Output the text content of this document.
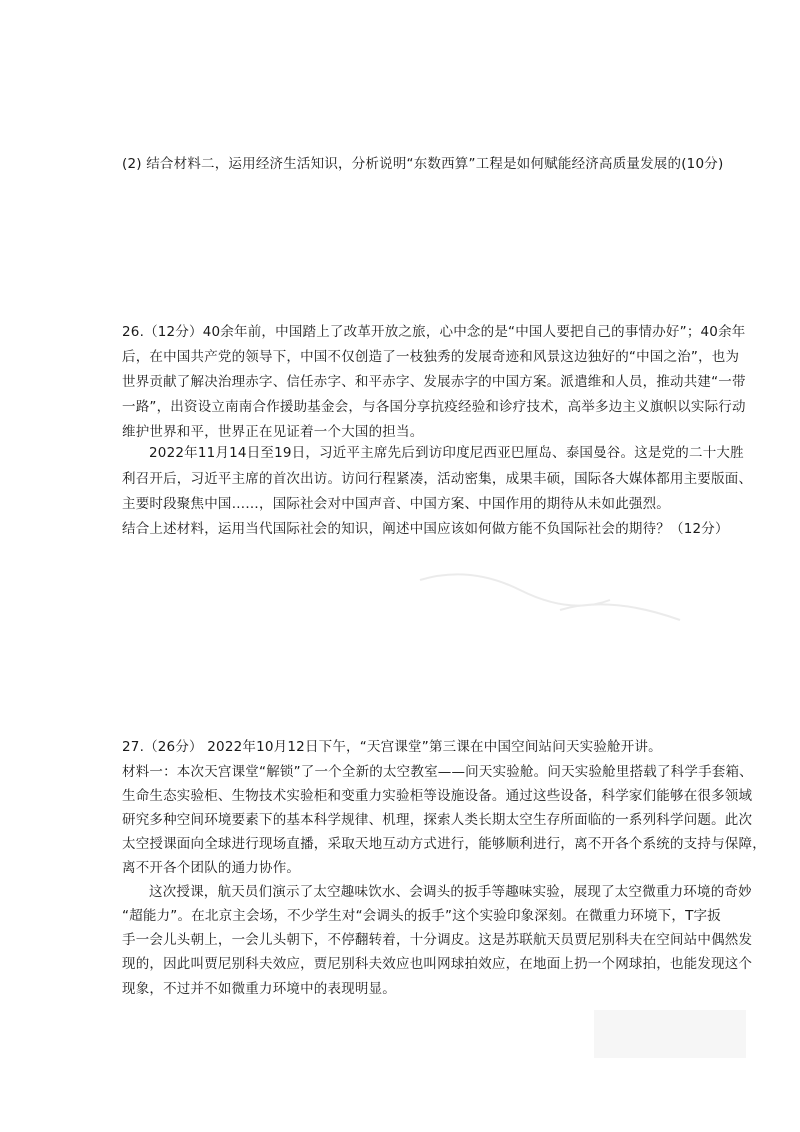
(2) 结合材料二，运用经济生活知识，分析说明“东数西算”工程是如何赋能经济高质量发展的(10分)
26.（12分）40余年前，中国踏上了改革开放之旅，心中念的是“中国人要把自己的事情办好”；40余年
后，在中国共产党的领导下，中国不仅创造了一枝独秀的发展奇迹和风景这边独好的“中国之治”，也为
世界贡献了解决治理赤字、信任赤字、和平赤字、发展赤字的中国方案。派遣维和人员，推动共建“一带
一路”，出资设立南南合作援助基金会，与各国分享抗疫经验和诊疗技术，高举多边主义旗帜以实际行动
维护世界和平，世界正在见证着一个大国的担当。
2022年11月14日至19日，习近平主席先后到访印度尼西亚巴厘岛、泰国曼谷。这是党的二十大胜
利召开后，习近平主席的首次出访。访问行程紧凑，活动密集，成果丰硕，国际各大媒体都用主要版面、
主要时段聚焦中国……，国际社会对中国声音、中国方案、中国作用的期待从未如此强烈。
结合上述材料，运用当代国际社会的知识，阐述中国应该如何做方能不负国际社会的期待？（12分）
27.（26分） 2022年10月12日下午，“天宫课堂”第三课在中国空间站问天实验舱开讲。
材料一：本次天宫课堂“解锁”了一个全新的太空教室——问天实验舱。问天实验舱里搭载了科学手套箱、
生命生态实验柜、生物技术实验柜和变重力实验柜等设施设备。通过这些设备，科学家们能够在很多领域
研究多种空间环境要素下的基本科学规律、机理，探索人类长期太空生存所面临的一系列科学问题。此次
太空授课面向全球进行现场直播，采取天地互动方式进行，能够顺利进行，离不开各个系统的支持与保障，
离不开各个团队的通力协作。
这次授课，航天员们演示了太空趣味饮水、会调头的扳手等趣味实验，展现了太空微重力环境的奇妙
“超能力”。在北京主会场，不少学生对“会调头的扳手”这个实验印象深刻。在微重力环境下，T字扳
手一会儿头朝上，一会儿头朝下，不停翻转着，十分调皮。这是苏联航天员贾尼别科夫在空间站中偶然发
现的，因此叫贾尼别科夫效应，贾尼别科夫效应也叫网球拍效应，在地面上扔一个网球拍，也能发现这个
现象，不过并不如微重力环境中的表现明显。
